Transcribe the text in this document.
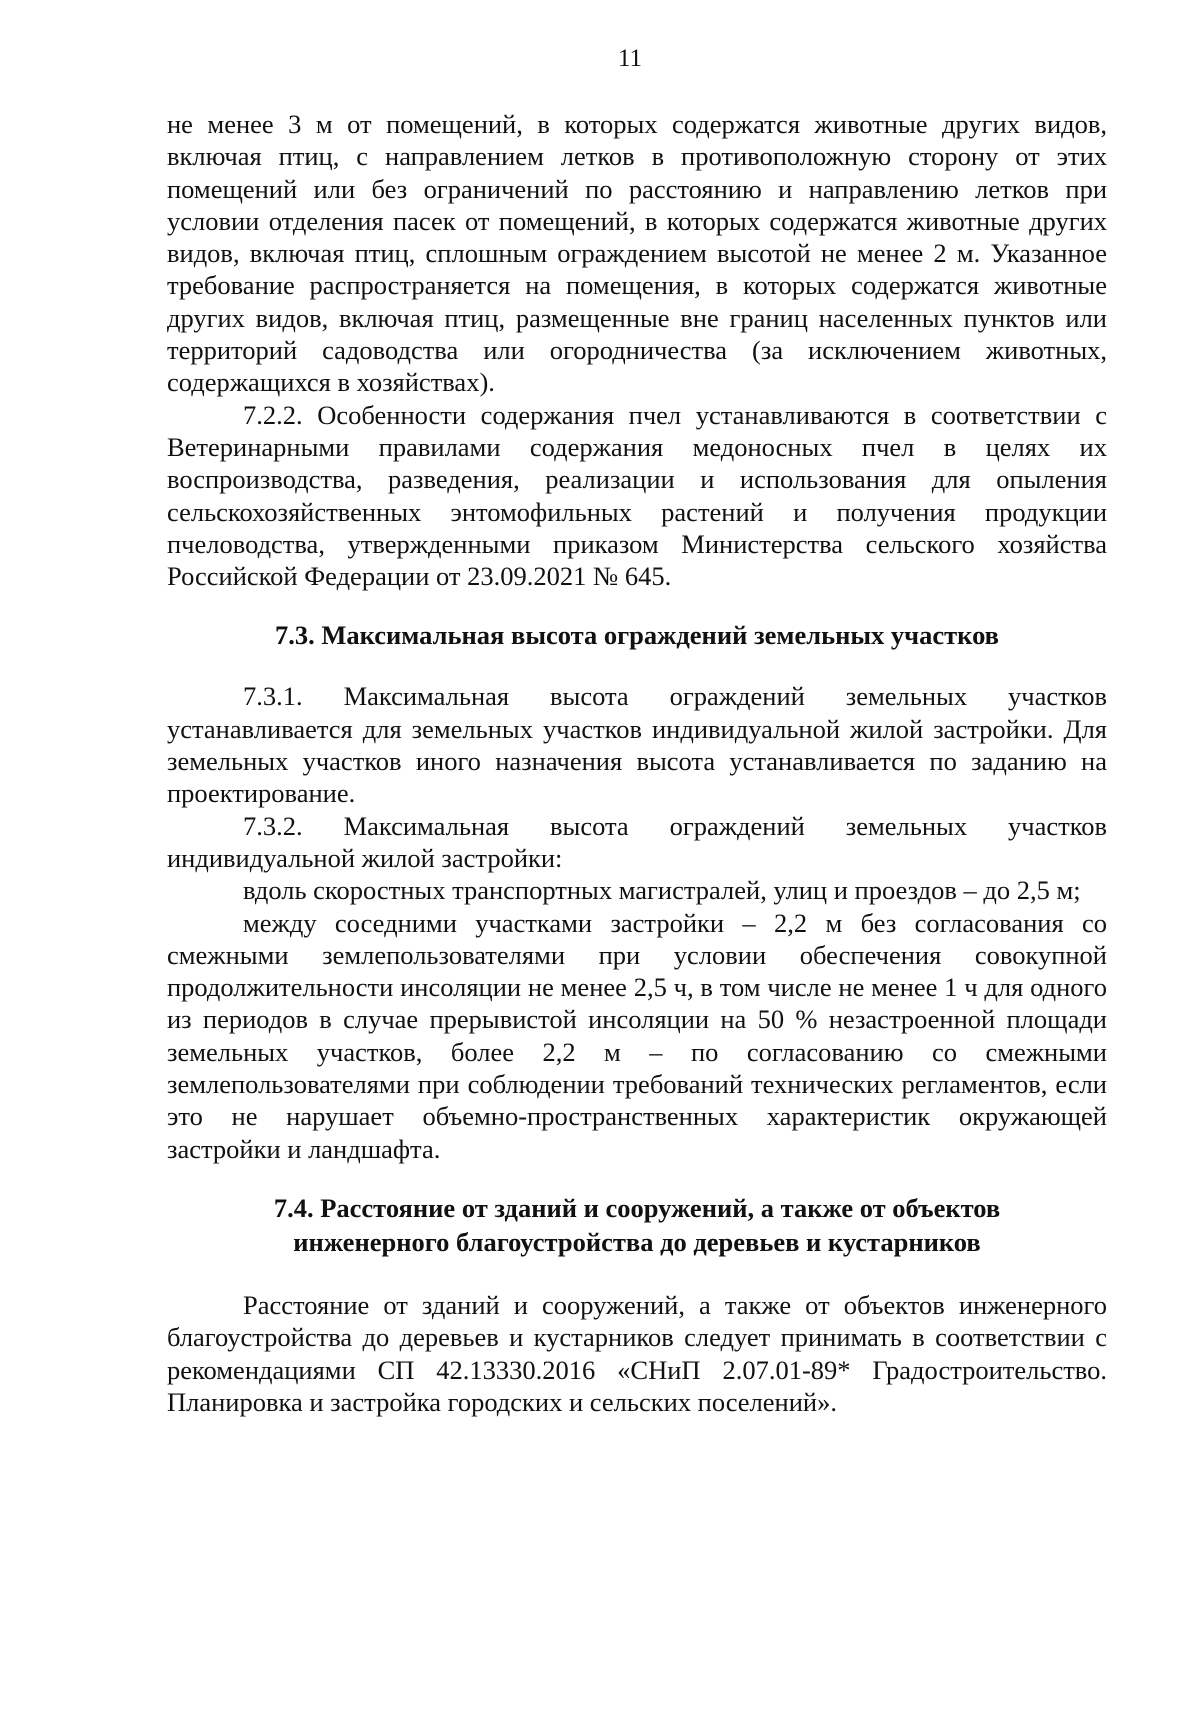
11

не менее 3 м от помещений, в которых содержатся животные других видов, включая птиц, с направлением летков в противоположную сторону от этих помещений или без ограничений по расстоянию и направлению летков при условии отделения пасек от помещений, в которых содержатся животные других видов, включая птиц, сплошным ограждением высотой не менее 2 м. Указанное требование распространяется на помещения, в которых содержатся животные других видов, включая птиц, размещенные вне границ населенных пунктов или территорий садоводства или огородничества (за исключением животных, содержащихся в хозяйствах).

7.2.2. Особенности содержания пчел устанавливаются в соответствии с Ветеринарными правилами содержания медоносных пчел в целях их воспроизводства, разведения, реализации и использования для опыления сельскохозяйственных энтомофильных растений и получения продукции пчеловодства, утвержденными приказом Министерства сельского хозяйства Российской Федерации от 23.09.2021 № 645.

7.3. Максимальная высота ограждений земельных участков

7.3.1. Максимальная высота ограждений земельных участков устанавливается для земельных участков индивидуальной жилой застройки. Для земельных участков иного назначения высота устанавливается по заданию на проектирование.

7.3.2. Максимальная высота ограждений земельных участков индивидуальной жилой застройки:

вдоль скоростных транспортных магистралей, улиц и проездов – до 2,5 м;

между соседними участками застройки – 2,2 м без согласования со смежными землепользователями при условии обеспечения совокупной продолжительности инсоляции не менее 2,5 ч, в том числе не менее 1 ч для одного из периодов в случае прерывистой инсоляции на 50 % незастроенной площади земельных участков, более 2,2 м – по согласованию со смежными землепользователями при соблюдении требований технических регламентов, если это не нарушает объемно-пространственных характеристик окружающей застройки и ландшафта.

7.4. Расстояние от зданий и сооружений, а также от объектов
инженерного благоустройства до деревьев и кустарников

Расстояние от зданий и сооружений, а также от объектов инженерного благоустройства до деревьев и кустарников следует принимать в соответствии с рекомендациями СП 42.13330.2016 «СНиП 2.07.01-89* Градостроительство. Планировка и застройка городских и сельских поселений».
